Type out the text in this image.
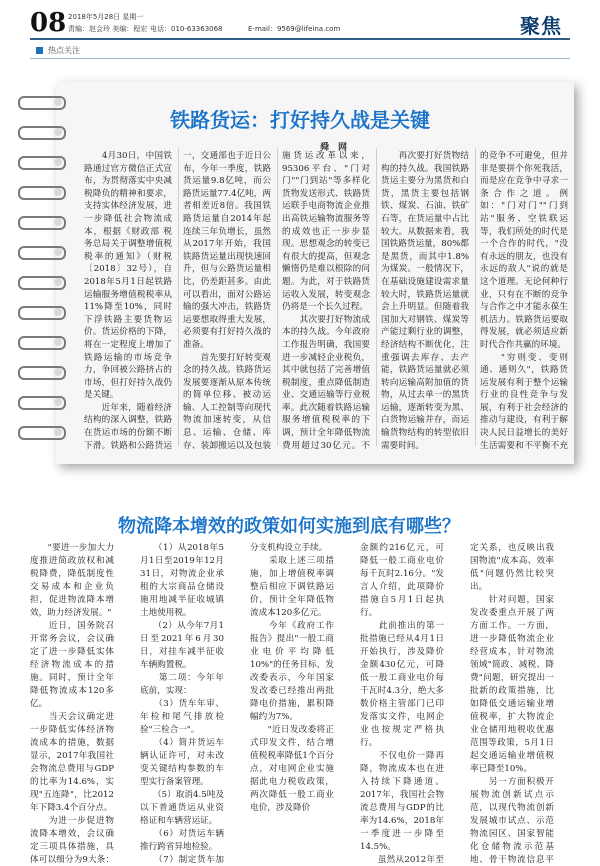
08 2018年5月28日 星期一
责编：赵会玲 美编：程宏 电话：010-63363068	E-mail：9569@lifeina.com	聚焦
热点关注
铁路货运：打好持久战是关键
舜　网
　　4月30日，中国铁路通过官方微信正式宣布，为贯彻落实中央减税降负的精神和要求，支持实体经济发展，进一步降低社会物流成本，根据《财政部 税务总局关于调整增值税税率的通知》（财税〔2018〕32号），自2018年5月1日起铁路运输服务增值税税率从11%降至10%，同时下浮铁路主要货物运价。货运价格的下降，将在一定程度上增加了铁路运输的市场竞争力，争回被公路挤占的市场，但打好持久战仍是关键。
　　近年来，随着经济结构的深入调整，铁路在货运市场的份额不断下滑。铁路和公路货运
一，交通部也于近日公布，今年一季度，铁路货运量9.8亿吨，而公路货运量77.4亿吨，两者相差近8倍。我国铁路货运量自2014年起连续三年负增长，虽然从2017年开始，我国铁路货运量出现快速回升，但与公路货运量相比，仍差距甚多。由此可以看出，面对公路运输的强大冲击，铁路货运要想取得重大发展，必须要有打好持久战的准备。
　　首先要打好转变观念的持久战。铁路货运发展要逐渐从原本传统的简单位移、被动运输、人工控制等向现代物流加速转变，从信息、运输、仓储、库存、装卸搬运以及包装
施货运改革以来，95306平台、"门对门""门到站"等多样化货物发送形式、铁路货运联手电商物流企业推出高铁运输物流服务等的成效也正一步步显现。思想观念的转变已有很大的提高，但观念懒惰仍是难以根除的问题。为此，对于铁路货运收入发展，转变观念仍将是一个长久过程。
　　其次要打好物流成本的持久战。今年政府工作报告明确，我国要进一步减轻企业税负，其中就包括了完善增值税制度，重点降低制造业、交通运输等行业税率。此次随着铁路运输服务增值税税率的下调，预计全年降低物流费用超过30亿元。不
　　再次要打好货物结构的持久战。我国铁路货运主要分为黑货和白货，黑货主要包括钢铁、煤炭、石油、铁矿石等，在货运量中占比较大。从数据来看，我国铁路货运量，80%都是黑货，而其中1.8%为煤炭。一般情况下，在基础设施建设需求量较大时，铁路货运量就会上升明显。但随着我国加大对钢铁、煤炭等产能过剩行业的调整，经济结构不断优化，注重强调去库存、去产能，铁路货运量就必须转向运输高附加值的货物，从过去单一的黑货运输，逐渐转变为黑、白货物运输并存，而运输货物结构的转型依旧需要时间。

的竞争不可避免，但并非是要拼个你死我活，而是应在竞争中寻求一条合作之道。例如："门对门""门到站"服务、空铁联运等，我们所处的时代是一个合作的时代，"没有永远的朋友，也没有永远的敌人"说的就是这个道理。无论何种行业，只有在不断的竞争与合作之中才能永葆生机活力。铁路货运要取得发展，就必须适应新时代合作共赢的环境。
　　"穷则变、变则通、通则久"，铁路货运发展有利于整个运输行业的良性竞争与发展，有利于社会经济的推动与建设，有利于解决人民日益增长的美好生活需要和不平衡不充
物流降本增效的政策如何实施到底有哪些？
　　"要进一步加大力度推进简政放权和减税降费，降低制度性交易成本和企业负担，促进物流降本增效，助力经济发展。"
　　近日，国务院召开常务会议，会议确定了进一步降低实体经济物流成本的措施。同时，预计全年降低物流成本120多亿。
　　当天会议确定进一步降低实体经济物流成本的措施，数据显示，2017年我国社会物流总费用与GDP的比率为14.6%，实现"五连降"，比2012年下降3.4个百分点。
　　为进一步促进物流降本增效，会议确定三项具体措施，具体可以细分为9大条：

　　（1）从2018年5月1日至2019年12月31日，对物流企业承租的大宗商品仓储设施用地减半征收城镇土地使用税。
　　（2）从今年7月1日至2021年6月30日，对挂车减半征收车辆购置税。
　　第二项：今年年底前，实现：
　　（3）货车年审、年检和尾气排放检验"三检合一"。
　　（4）简并货运车辆认证许可，对未改变关键结构参数的车型实行备案管理。
　　（5）取消4.5吨及以下普通货运从业资格证和车辆营运证。
　　（6）对货运车辆推行跨省异地检验。
　　（7）制定货车加

分支机构设立手续。
　　采取上述三项措施，加上增值税率调整后相应下调铁路运价，预计全年降低物流成本120多亿元。
　　今年《政府工作报告》提出"一般工商业电价平均降低10%"的任务目标，发改委表示，今年国家发改委已经推出两批降电价措施，累积降幅约为7%。
　　"近日发改委将正式印发文件，结合增值税税率降低1个百分点，对电网企业实施据此电力税收政策，两次降低一般工商业电价，涉及降价
金额约216亿元，可降低一般工商业电价每千瓦时2.16分。"发言人介绍，此项降价措施自5月1日起执行。
　　此前推出的第一批措施已经从4月1日开始执行，涉及降价金额430亿元，可降低一般工商业电价每千瓦时4.3分，绝大多数价格主管部门已印发落实文件，电网企业也按规定严格执行。
　　不仅电价一降再降，物流成本也在进入持续下降通道。2017年，我国社会物流总费用与GDP的比率为14.6%，2018年一季度进一步降至14.5%。
　　虽然从2012年至
定关系，也反映出我国物流"成本高、效率低"问题仍然比较突出。
　　针对问题，国家发改委重点开展了两方面工作。一方面，进一步降低物流企业经营成本，针对物流领域"简政、减税、降费"问题，研究提出一批新的政策措施，比如降低交通运输业增值税率，扩大物流企业仓储用地税收优惠范围等政策，5月1日起交通运输业增值税率已降至10%。
　　另一方面积极开展物流创新试点示范，以现代物流创新发展城市试点、示范物流园区、国家智能化仓储物流示范基地、骨干物流信息平
